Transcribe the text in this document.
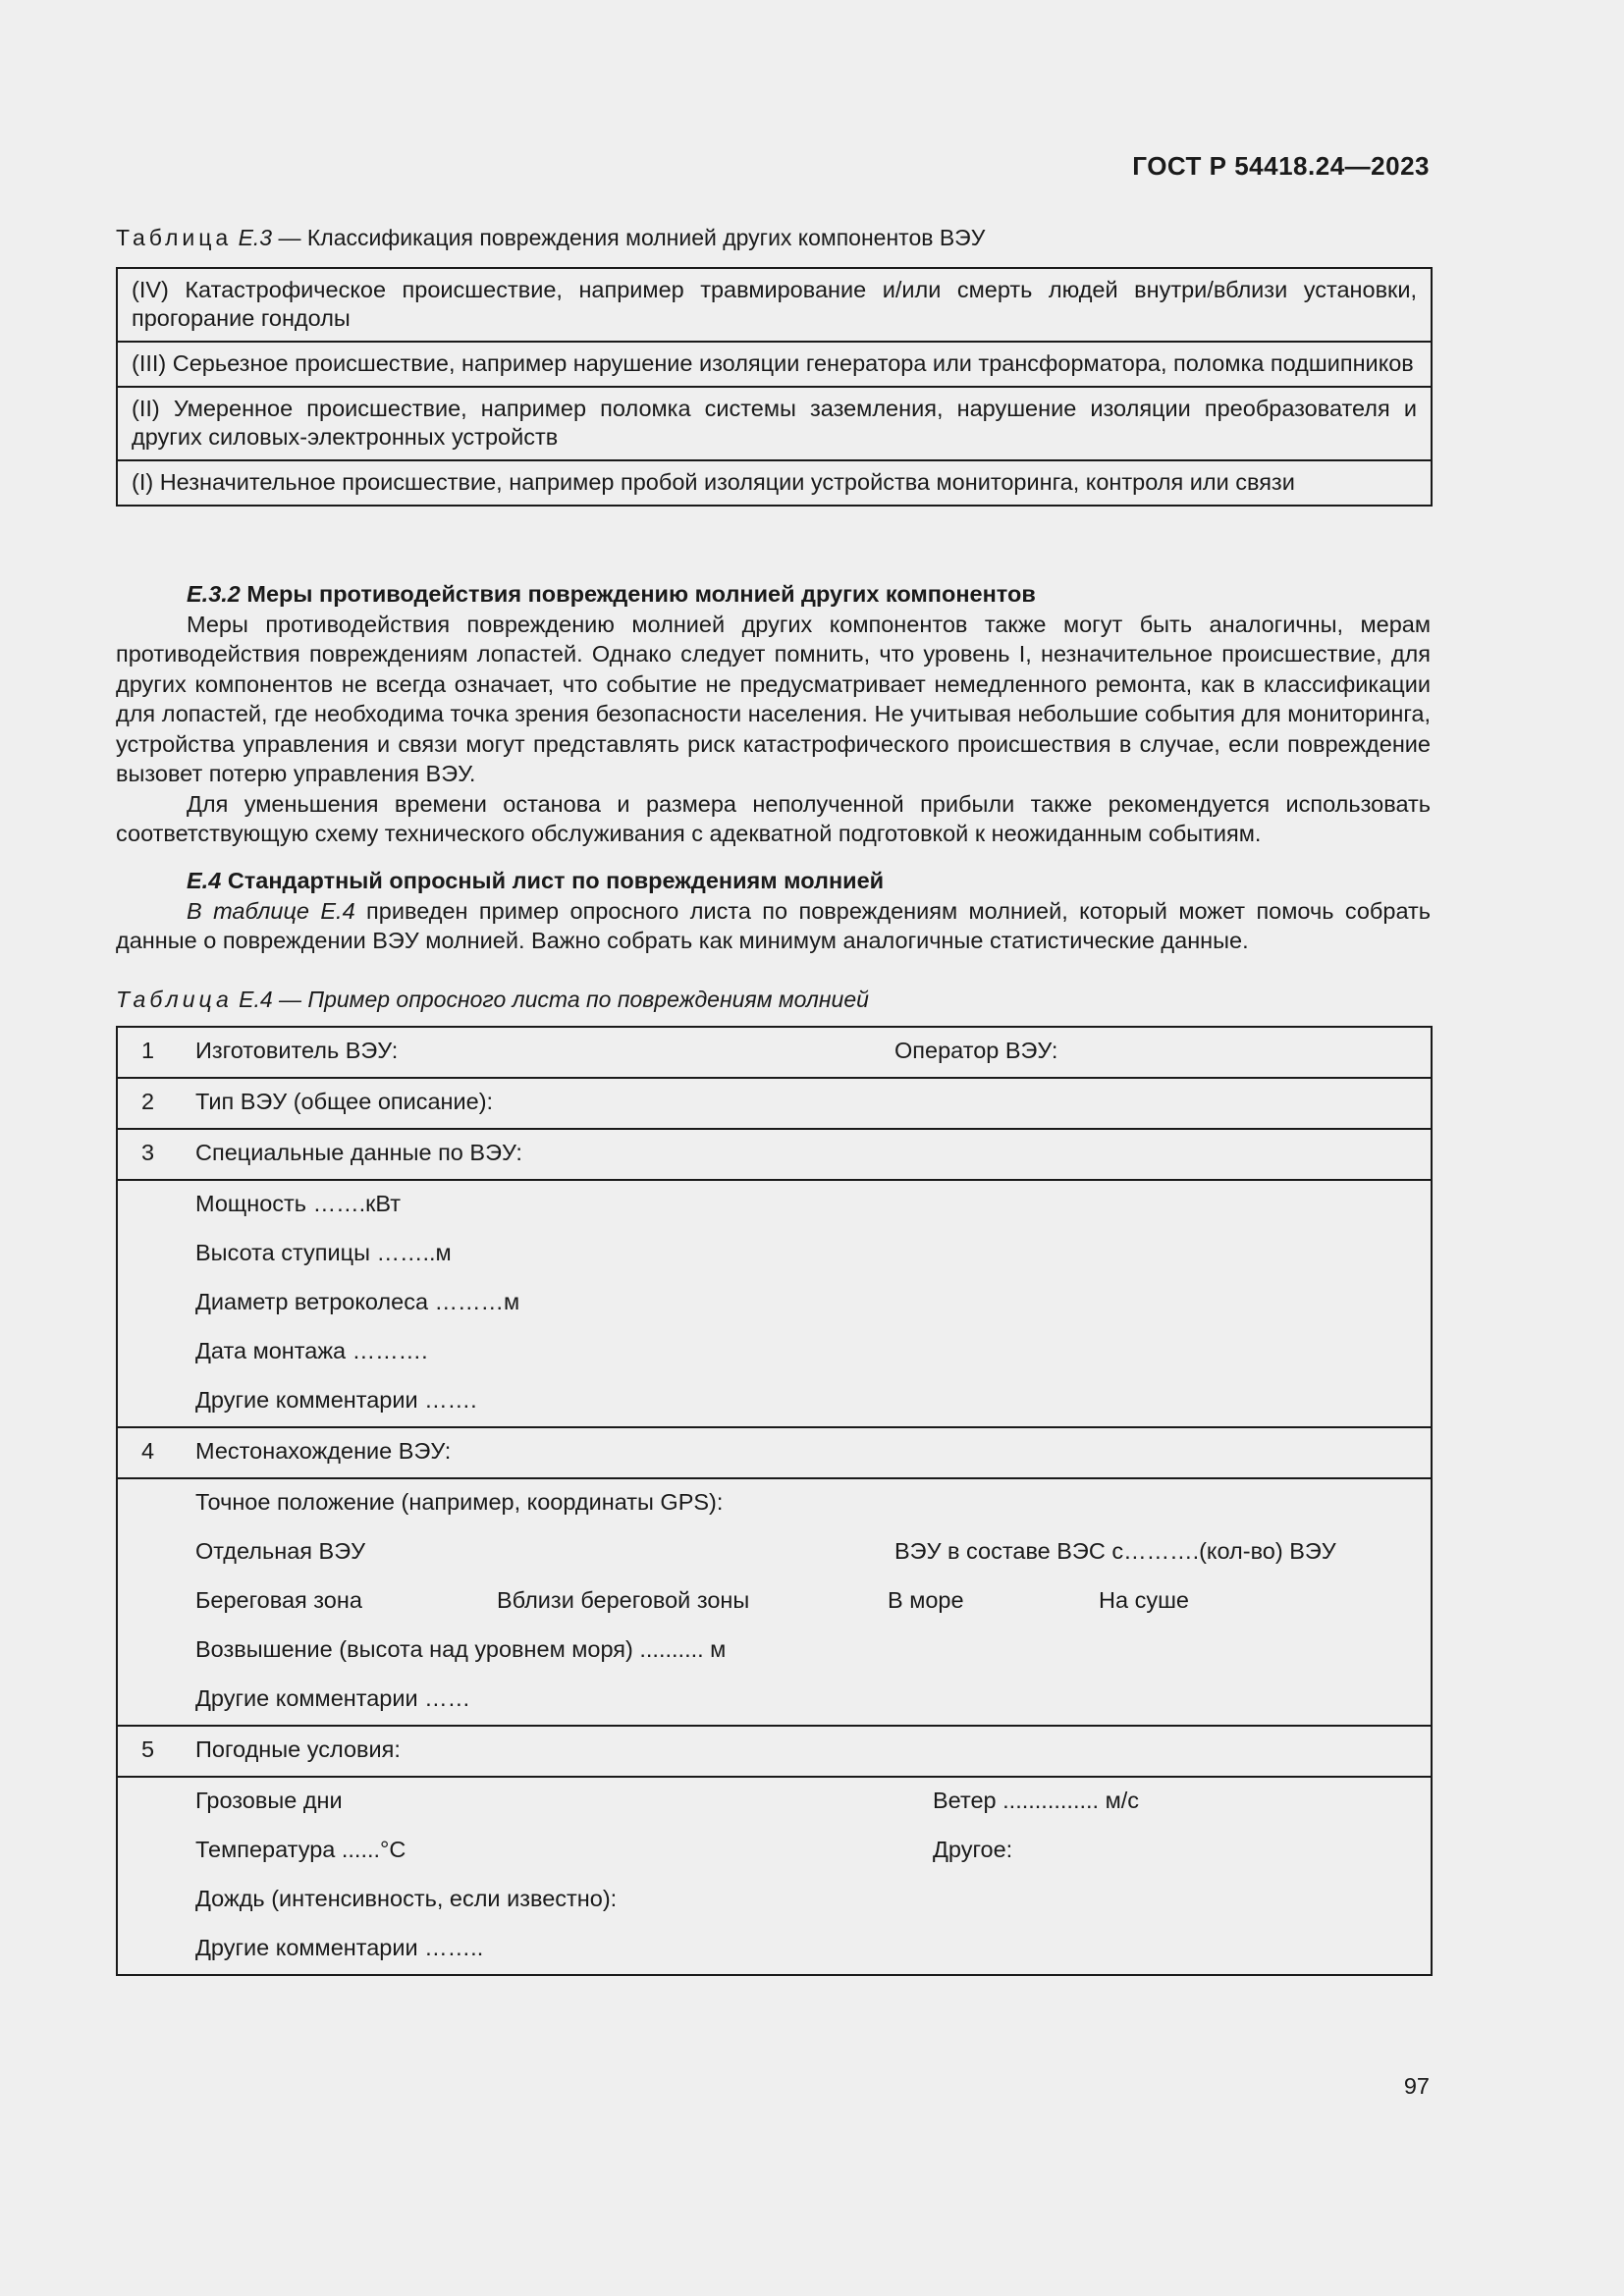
ГОСТ Р 54418.24—2023
Таблица E.3 — Классификация повреждения молнией других компонентов ВЭУ
(IV) Катастрофическое происшествие, например травмирование и/или смерть людей внутри/вблизи установки, прогорание гондолы
(III) Серьезное происшествие, например нарушение изоляции генератора или трансформатора, поломка подшипников
(II) Умеренное происшествие, например поломка системы заземления, нарушение изоляции преобразователя и других силовых-электронных устройств
(I) Незначительное происшествие, например пробой изоляции устройства мониторинга, контроля или связи

E.3.2 Меры противодействия повреждению молнией других компонентов

Меры противодействия повреждению молнией других компонентов также могут быть аналогичны, мерам противодействия повреждениям лопастей. Однако следует помнить, что уровень I, незначительное происшествие, для других компонентов не всегда означает, что событие не предусматривает немедленного ремонта, как в классификации для лопастей, где необходима точка зрения безопасности населения. Не учитывая небольшие события для мониторинга, устройства управления и связи могут представлять риск катастрофического происшествия в случае, если повреждение вызовет потерю управления ВЭУ.

Для уменьшения времени останова и размера неполученной прибыли также рекомендуется использовать соответствующую схему технического обслуживания с адекватной подготовкой к неожиданным событиям.

E.4 Стандартный опросный лист по повреждениям молнией

В таблице E.4 приведен пример опросного листа по повреждениям молнией, который может помочь собрать данные о повреждении ВЭУ молнией. Важно собрать как минимум аналогичные статистические данные.

Таблица E.4 — Пример опросного листа по повреждениям молнией
1 Изготовитель ВЭУ:	Оператор ВЭУ:
2 Тип ВЭУ (общее описание):
3 Специальные данные по ВЭУ:
Мощность …….кВт
Высота ступицы ……..м
Диаметр ветроколеса ………м
Дата монтажа ……….
Другие комментарии …….
4 Местонахождение ВЭУ:
Точное положение (например, координаты GPS):
Отдельная ВЭУ	ВЭУ в составе ВЭС с……….(кол-во) ВЭУ
Береговая зона	Вблизи береговой зоны	В море	На суше
Возвышение (высота над уровнем моря) .......... м
Другие комментарии ……
5 Погодные условия:
Грозовые дни	Ветер ............... м/с
Температура ......°С	Другое:
Дождь (интенсивность, если известно):
Другие комментарии ……..
97
